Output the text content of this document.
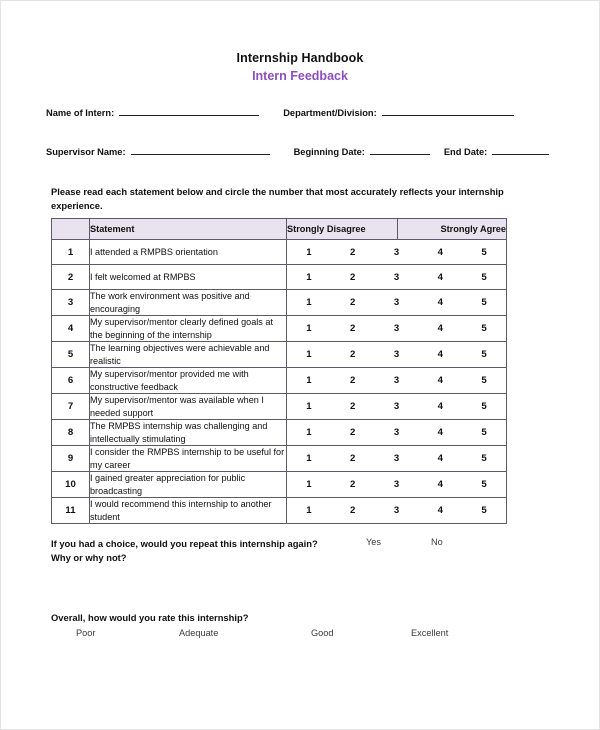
Internship Handbook
Intern Feedback
Name of Intern:	Department/Division:
Supervisor Name:	Beginning Date:	End Date:
Please read each statement below and circle the number that most accurately reflects your internship experience.
	Statement	Strongly Disagree	Strongly Agree
1	I attended a RMPBS orientation	1 2 3 4 5	

2	I felt welcomed at RMPBS	1 2 3 4 5	

3	The work environment was positive and encouraging	1 2 3 4 5	

4	My supervisor/mentor clearly defined goals at the beginning of the internship	1 2 3 4 5	

5	The learning objectives were achievable and realistic	1 2 3 4 5	

6	My supervisor/mentor provided me with constructive feedback	1 2 3 4 5	

7	My supervisor/mentor was available when I needed support	1 2 3 4 5	

8	The RMPBS internship was challenging and intellectually stimulating	1 2 3 4 5	

9	I consider the RMPBS internship to be useful for my career	1 2 3 4 5	

10	I gained greater appreciation for public broadcasting	1 2 3 4 5	

11	I would recommend this internship to another student	1 2 3 4 5	
If you had a choice, would you repeat this internship again?
Why or why not?
Yes	No
Overall, how would you rate this internship?
Poor	Adequate	Good	Excellent
